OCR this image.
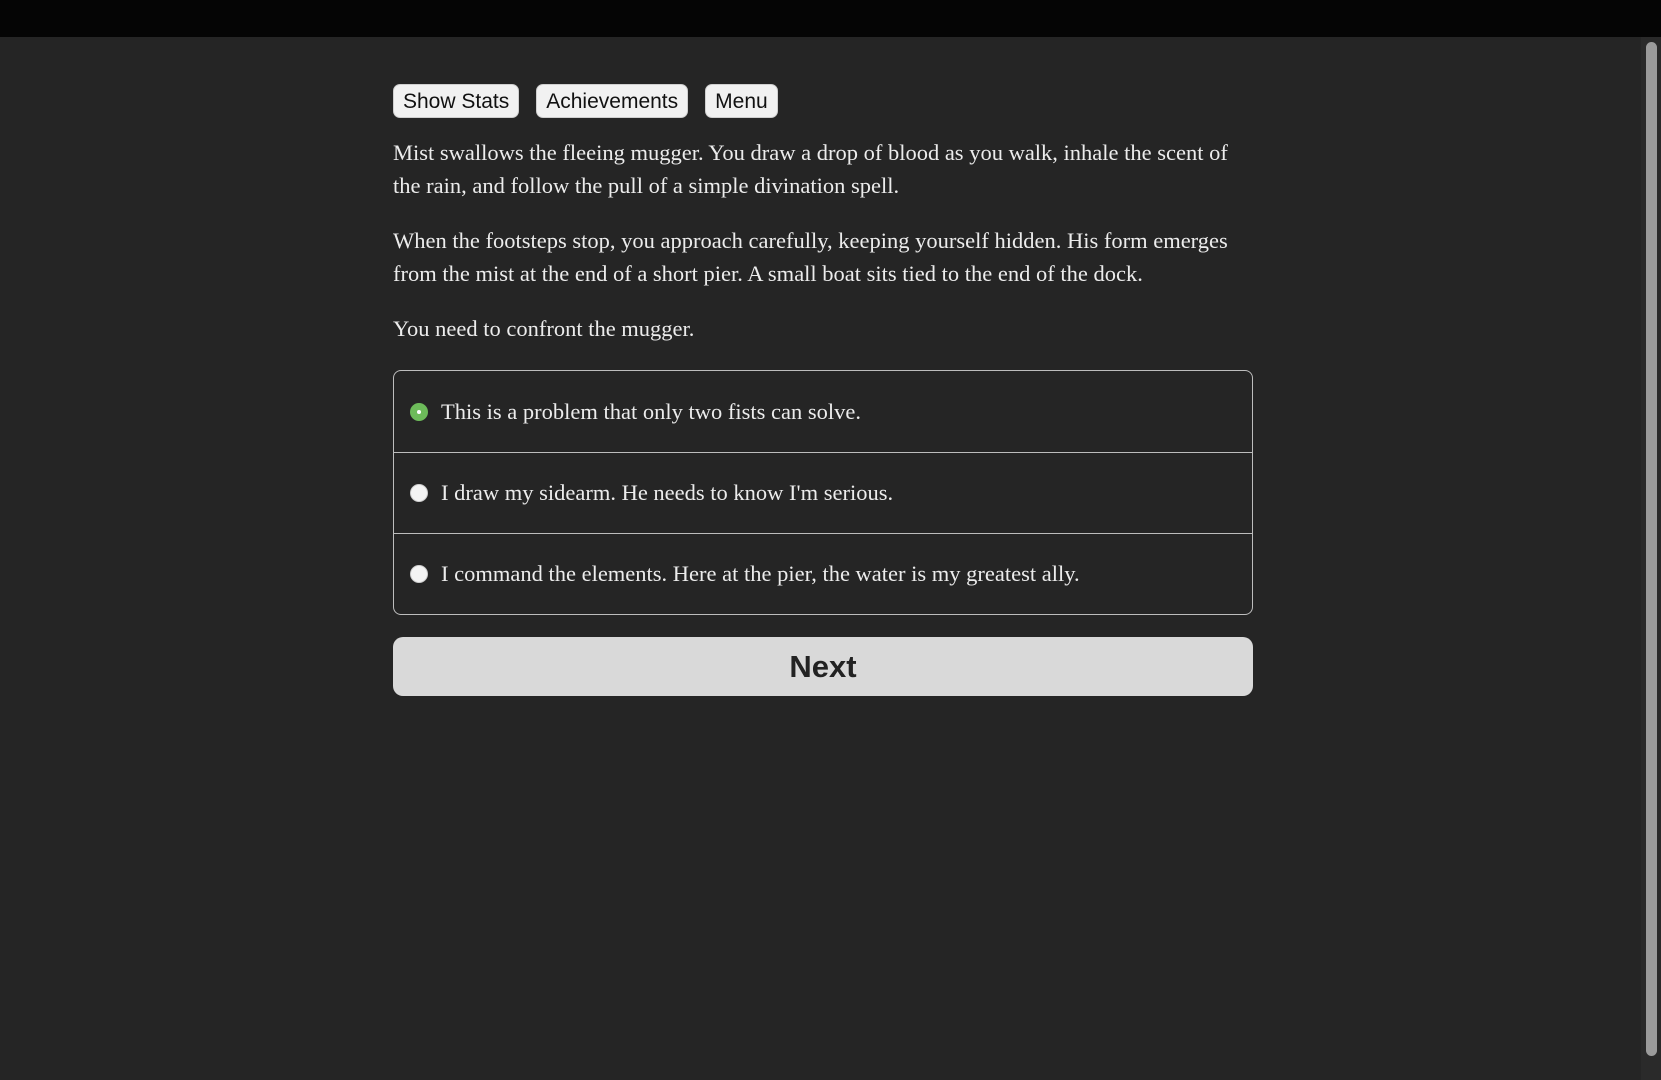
Show Stats	Achievements	Menu

Mist swallows the fleeing mugger. You draw a drop of blood as you walk, inhale the scent of the rain, and follow the pull of a simple divination spell.

When the footsteps stop, you approach carefully, keeping yourself hidden. His form emerges from the mist at the end of a short pier. A small boat sits tied to the end of the dock.

You need to confront the mugger.

This is a problem that only two fists can solve.
I draw my sidearm. He needs to know I'm serious.
I command the elements. Here at the pier, the water is my greatest ally.
Next
